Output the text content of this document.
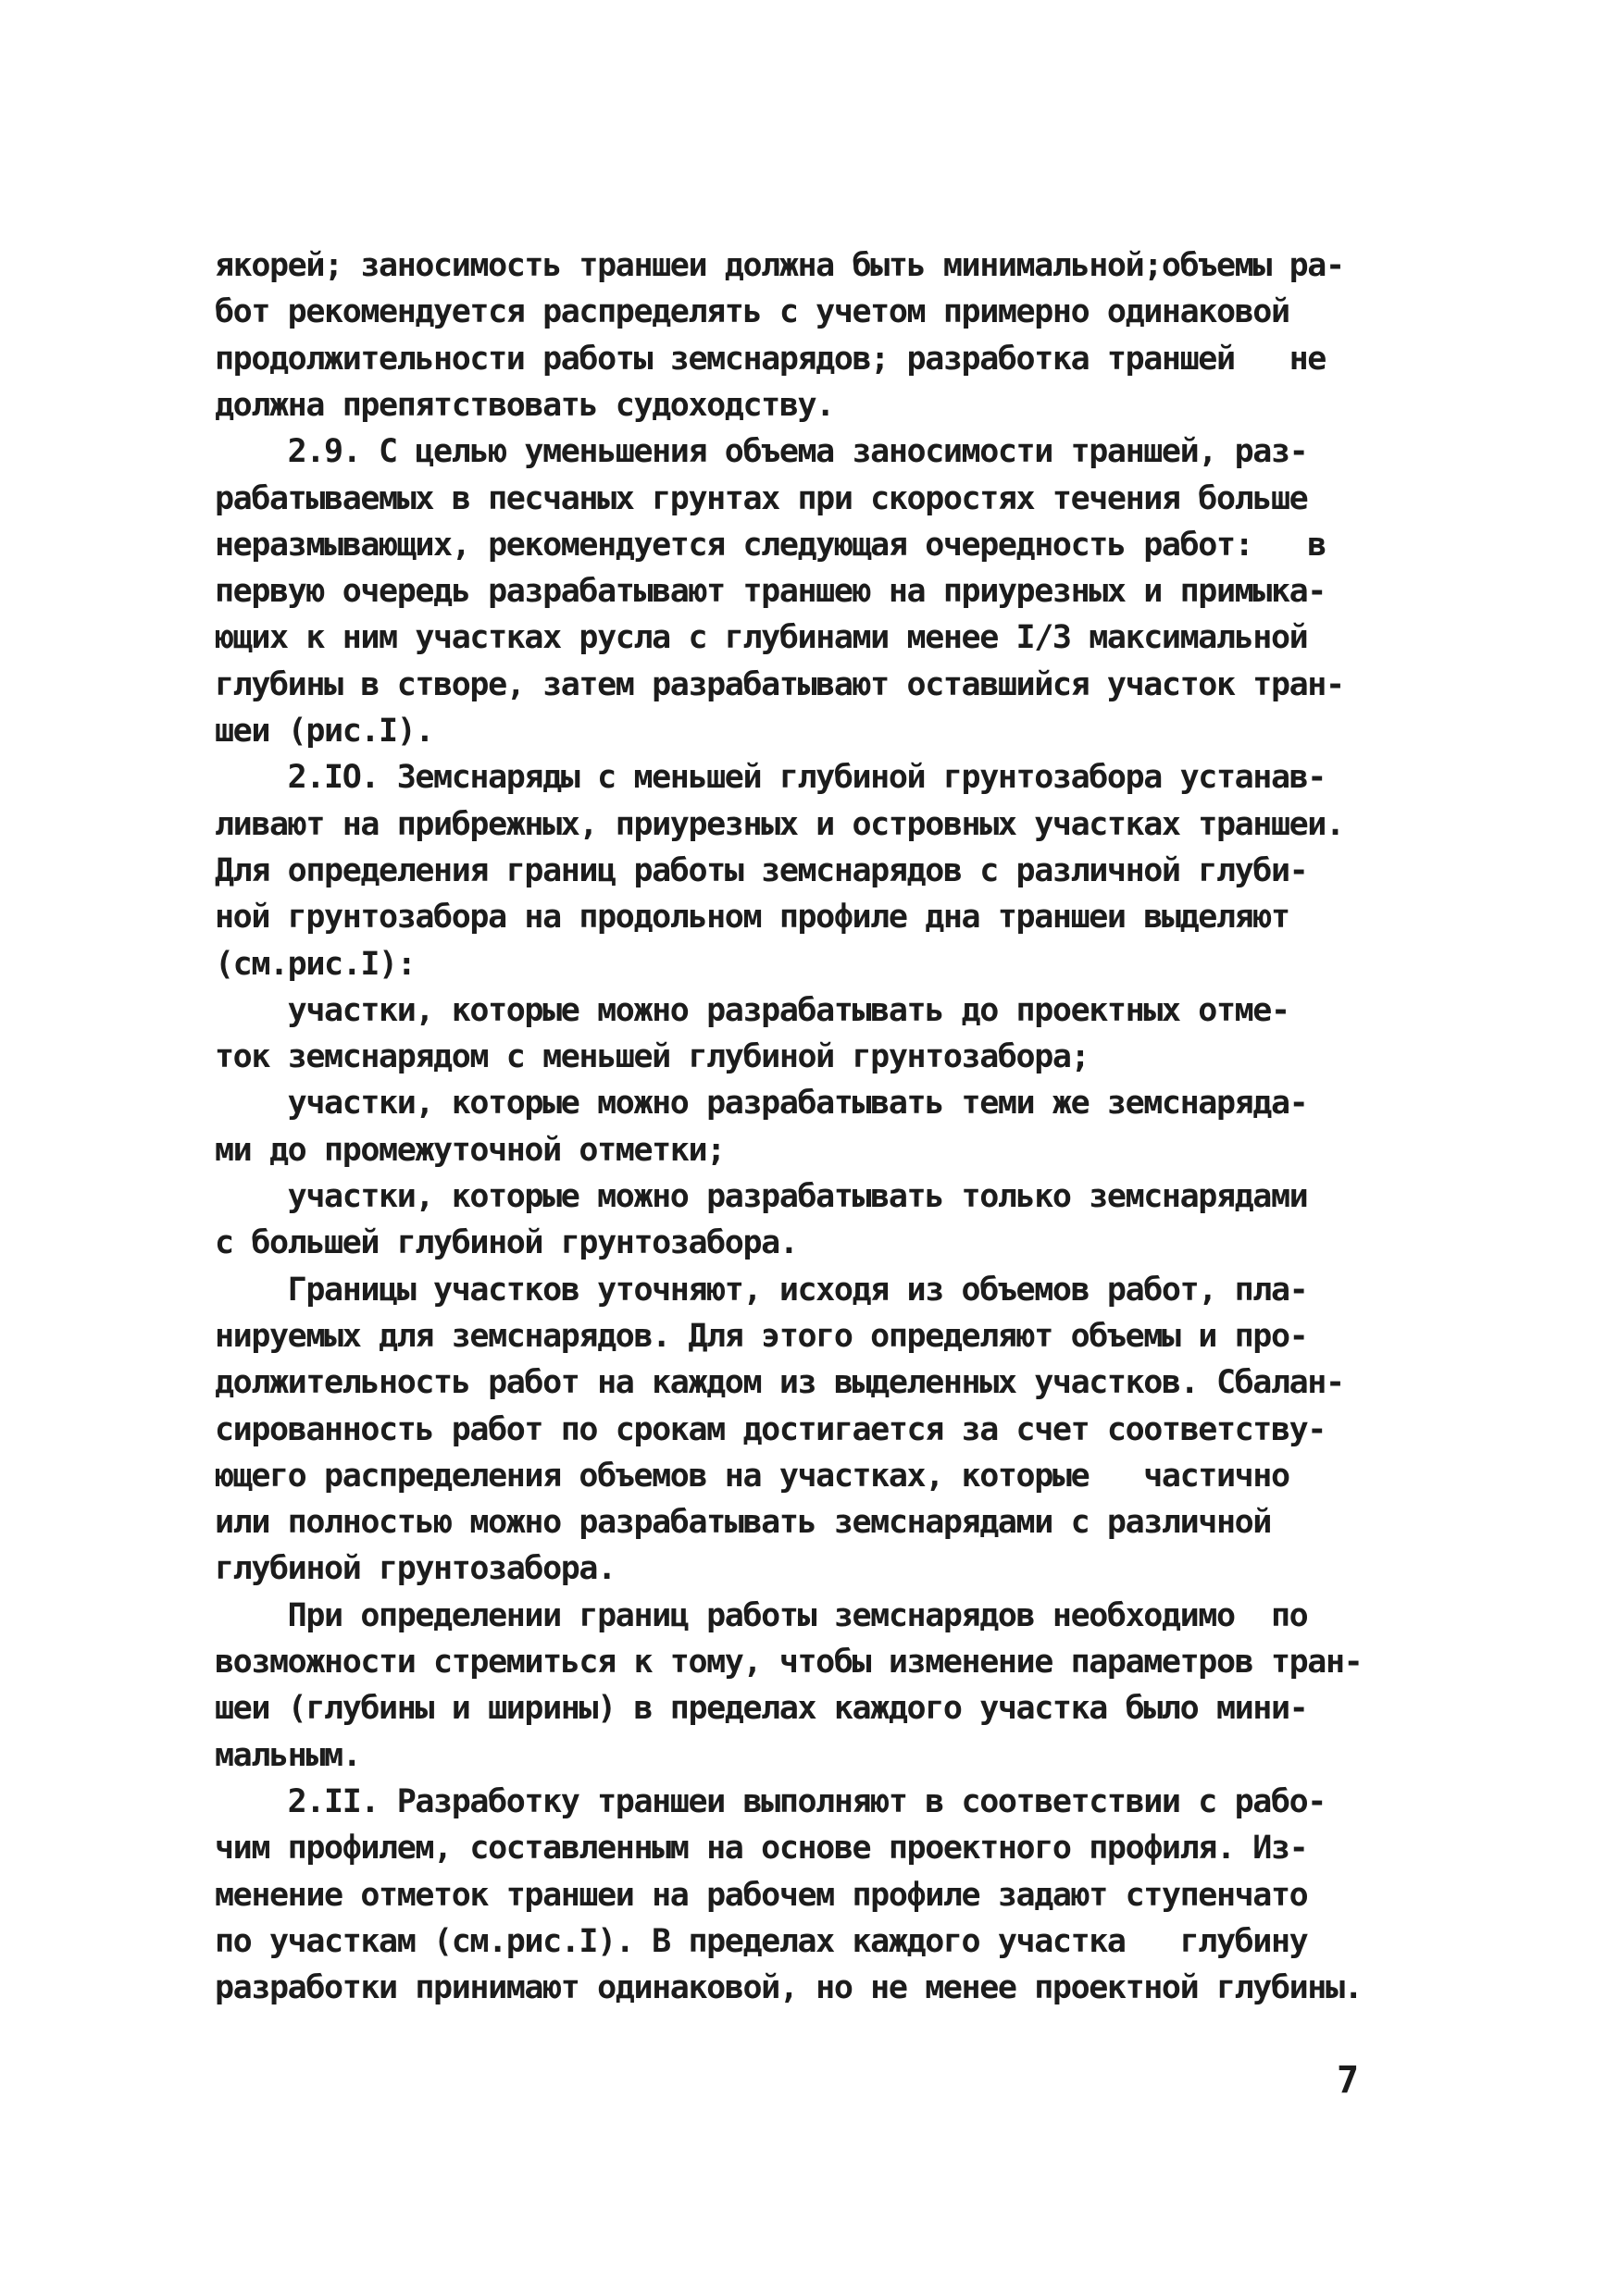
якорей; заносимость траншеи должна быть минимальной;объемы ра-
бот рекомендуется распределять с учетом примерно одинаковой
продолжительности работы земснарядов; разработка траншей   не
должна препятствовать судоходству.
2.9. С целью уменьшения объема заносимости траншей, раз-
рабатываемых в песчаных грунтах при скоростях течения больше
неразмывающих, рекомендуется следующая очередность работ:   в
первую очередь разрабатывают траншею на приурезных и примыка-
ющих к ним участках русла с глубинами менее I/3 максимальной
глубины в створе, затем разрабатывают оставшийся участок тран-
шеи (рис.I).
2.IO. Земснаряды с меньшей глубиной грунтозабора устанав-
ливают на прибрежных, приурезных и островных участках траншеи.
Для определения границ работы земснарядов с различной глуби-
ной грунтозабора на продольном профиле дна траншеи выделяют
(см.рис.I):
участки, которые можно разрабатывать до проектных отме-
ток земснарядом с меньшей глубиной грунтозабора;
участки, которые можно разрабатывать теми же земснаряда-
ми до промежуточной отметки;
участки, которые можно разрабатывать только земснарядами
с большей глубиной грунтозабора.
Границы участков уточняют, исходя из объемов работ, пла-
нируемых для земснарядов. Для этого определяют объемы и про-
должительность работ на каждом из выделенных участков. Сбалан-
сированность работ по срокам достигается за счет соответству-
ющего распределения объемов на участках, которые   частично
или полностью можно разрабатывать земснарядами с различной
глубиной грунтозабора.
При определении границ работы земснарядов необходимо  по
возможности стремиться к тому, чтобы изменение параметров тран-
шеи (глубины и ширины) в пределах каждого участка было мини-
мальным.
2.II. Разработку траншеи выполняют в соответствии с рабо-
чим профилем, составленным на основе проектного профиля. Из-
менение отметок траншеи на рабочем профиле задают ступенчато
по участкам (см.рис.I). В пределах каждого участка   глубину
разработки принимают одинаковой, но не менее проектной глубины.
7
